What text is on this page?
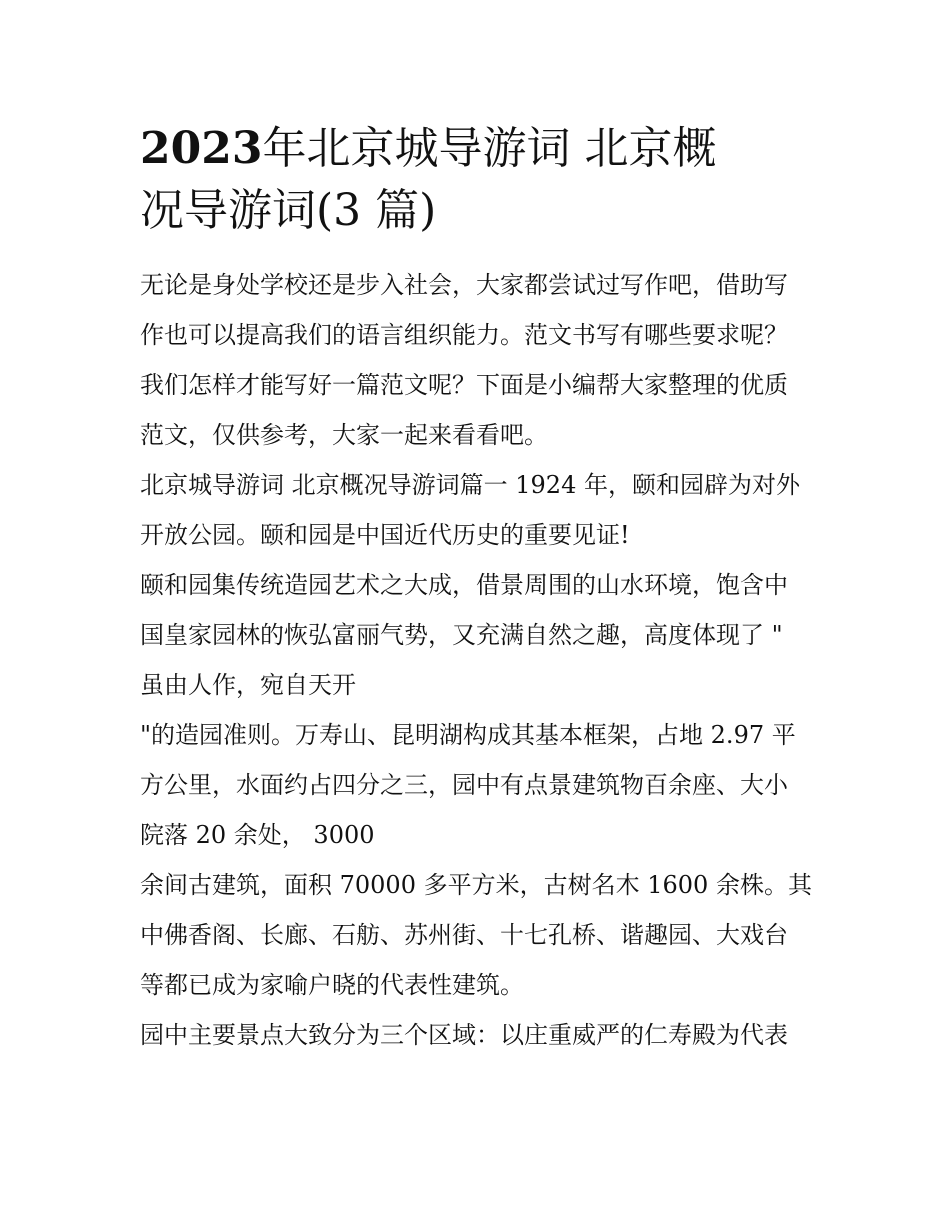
2023年北京城导游词 北京概
况导游词(3 篇)

无论是身处学校还是步入社会，大家都尝试过写作吧，借助写
作也可以提高我们的语言组织能力。范文书写有哪些要求呢？
我们怎样才能写好一篇范文呢？下面是小编帮大家整理的优质
范文，仅供参考，大家一起来看看吧。

北京城导游词 北京概况导游词篇一 1924 年，颐和园辟为对外
开放公园。颐和园是中国近代历史的重要见证!

颐和园集传统造园艺术之大成，借景周围的山水环境，饱含中
国皇家园林的恢弘富丽气势，又充满自然之趣，高度体现了 "
虽由人作，宛自天开

"的造园准则。万寿山、昆明湖构成其基本框架，占地 2.97 平
方公里，水面约占四分之三，园中有点景建筑物百余座、大小
院落 20 余处， 3000

余间古建筑，面积 70000 多平方米，古树名木 1600 余株。其
中佛香阁、长廊、石舫、苏州街、十七孔桥、谐趣园、大戏台
等都已成为家喻户晓的代表性建筑。

园中主要景点大致分为三个区域：以庄重威严的仁寿殿为代表
